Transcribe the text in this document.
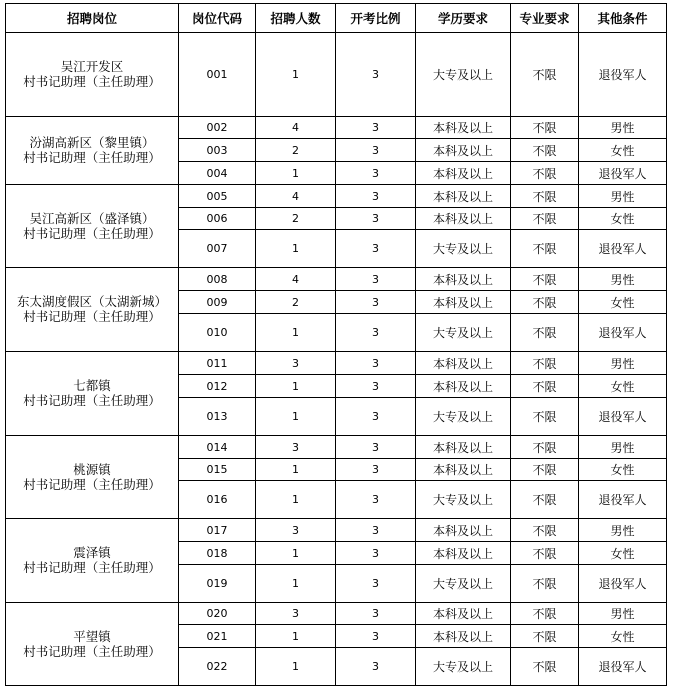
招聘岗位	岗位代码	招聘人数	开考比例	学历要求	专业要求	其他条件

吴江开发区
村书记助理（主任助理）	001	1	3	大专及以上	不限	退役军人

汾湖高新区（黎里镇）
村书记助理（主任助理）	002	4	3	本科及以上	不限	男性
	003	2	3	本科及以上	不限	女性
	004	1	3	本科及以上	不限	退役军人

吴江高新区（盛泽镇）
村书记助理（主任助理）	005	4	3	本科及以上	不限	男性
	006	2	3	本科及以上	不限	女性
	007	1	3	大专及以上	不限	退役军人

东太湖度假区（太湖新城）
村书记助理（主任助理）	008	4	3	本科及以上	不限	男性
	009	2	3	本科及以上	不限	女性
	010	1	3	大专及以上	不限	退役军人

七都镇
村书记助理（主任助理）	011	3	3	本科及以上	不限	男性
	012	1	3	本科及以上	不限	女性
	013	1	3	大专及以上	不限	退役军人

桃源镇
村书记助理（主任助理）	014	3	3	本科及以上	不限	男性
	015	1	3	本科及以上	不限	女性
	016	1	3	大专及以上	不限	退役军人

震泽镇
村书记助理（主任助理）	017	3	3	本科及以上	不限	男性
	018	1	3	本科及以上	不限	女性
	019	1	3	大专及以上	不限	退役军人

平望镇
村书记助理（主任助理）	020	3	3	本科及以上	不限	男性
	021	1	3	本科及以上	不限	女性
	022	1	3	大专及以上	不限	退役军人
